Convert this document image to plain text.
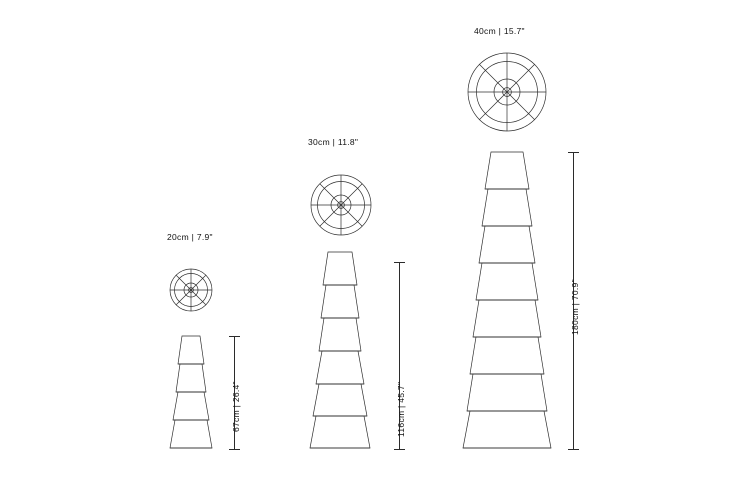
20cm | 7.9"
67cm | 26.4"
30cm | 11.8"
116cm | 45.7"
40cm | 15.7"
180cm | 70.9"
